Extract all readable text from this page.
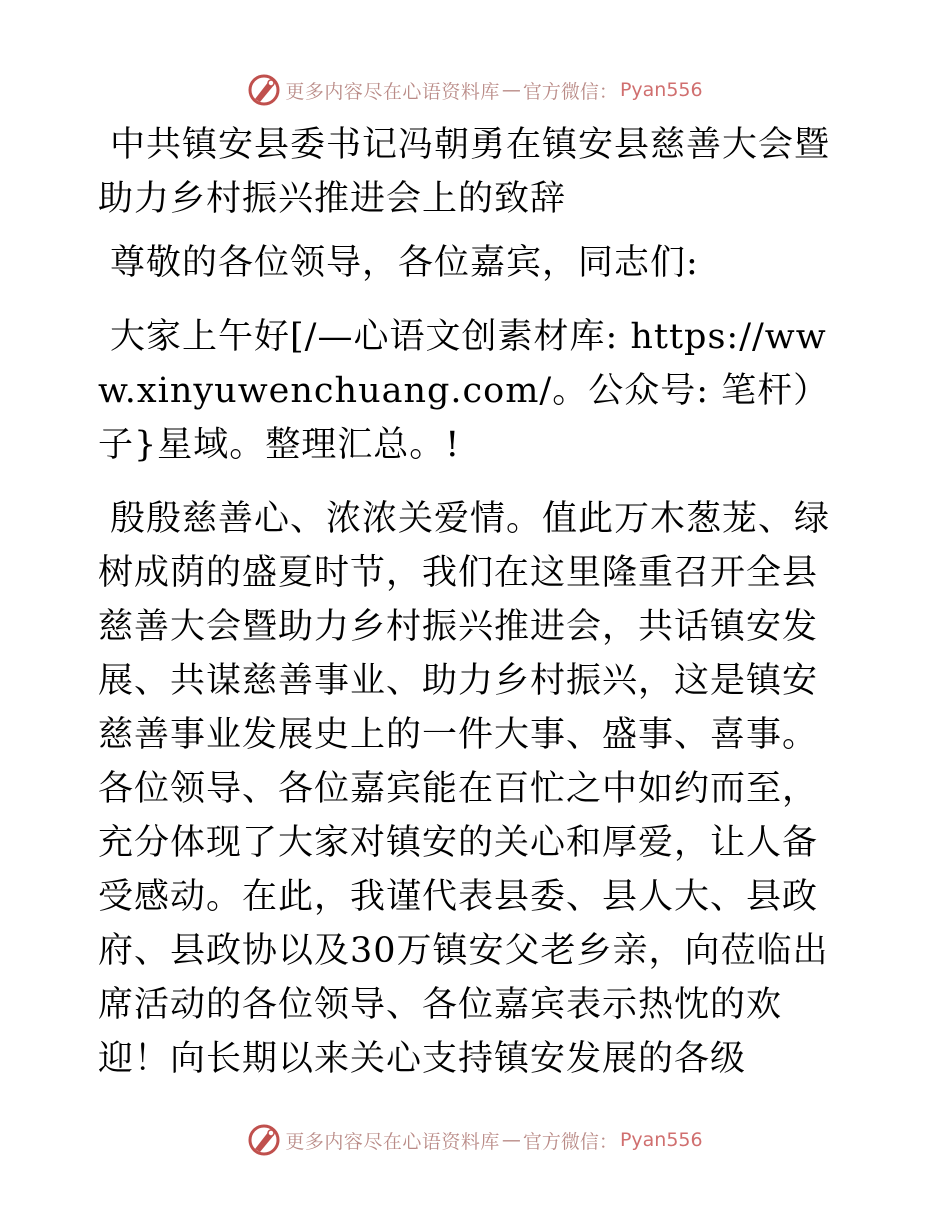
更多内容尽在心语资料库 — 官方微信： Pyan556

中共镇安县委书记冯朝勇在镇安县慈善大会暨助力乡村振兴推进会上的致辞

尊敬的各位领导，各位嘉宾，同志们:

大家上午好[/—心语文创素材库: https://www.xinyuwenchuang.com/。公众号: 笔杆）子}星域。整理汇总。!

殷殷慈善心、浓浓关爱情。值此万木葱茏、绿树成荫的盛夏时节，我们在这里隆重召开全县慈善大会暨助力乡村振兴推进会，共话镇安发展、共谋慈善事业、助力乡村振兴，这是镇安慈善事业发展史上的一件大事、盛事、喜事。各位领导、各位嘉宾能在百忙之中如约而至，充分体现了大家对镇安的关心和厚爱，让人备受感动。在此，我谨代表县委、县人大、县政府、县政协以及30万镇安父老乡亲，向莅临出席活动的各位领导、各位嘉宾表示热忱的欢迎！向长期以来关心支持镇安发展的各级

更多内容尽在心语资料库 — 官方微信： Pyan556
